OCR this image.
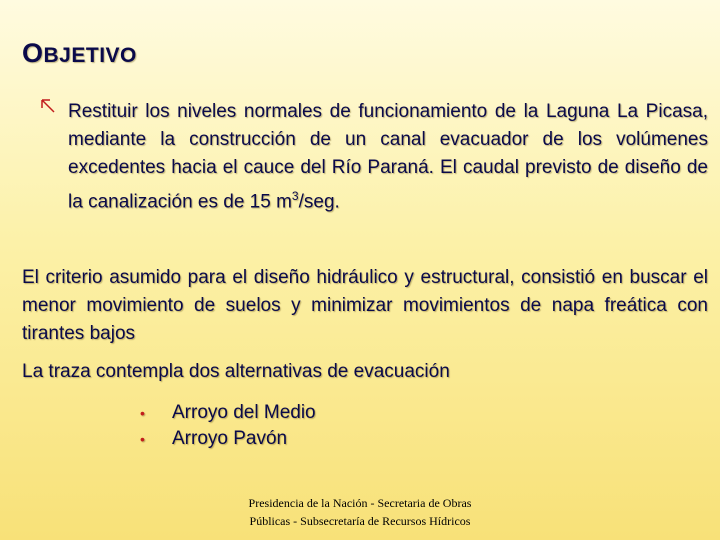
OBJETIVO
Restituir los niveles normales de funcionamiento de la Laguna La Picasa, mediante la construcción de un canal evacuador de los volúmenes excedentes hacia el cauce del Río Paraná. El caudal previsto de diseño de la canalización es de 15 $m^3$/seg.
El criterio asumido para el diseño hidráulico y estructural, consistió en buscar el menor movimiento de suelos y minimizar movimientos de napa freática con tirantes bajos
La traza contempla dos alternativas de evacuación
• Arroyo del Medio
• Arroyo Pavón
Presidencia de la Nación - Secretaria de Obras Públicas - Subsecretaría de Recursos Hídricos
